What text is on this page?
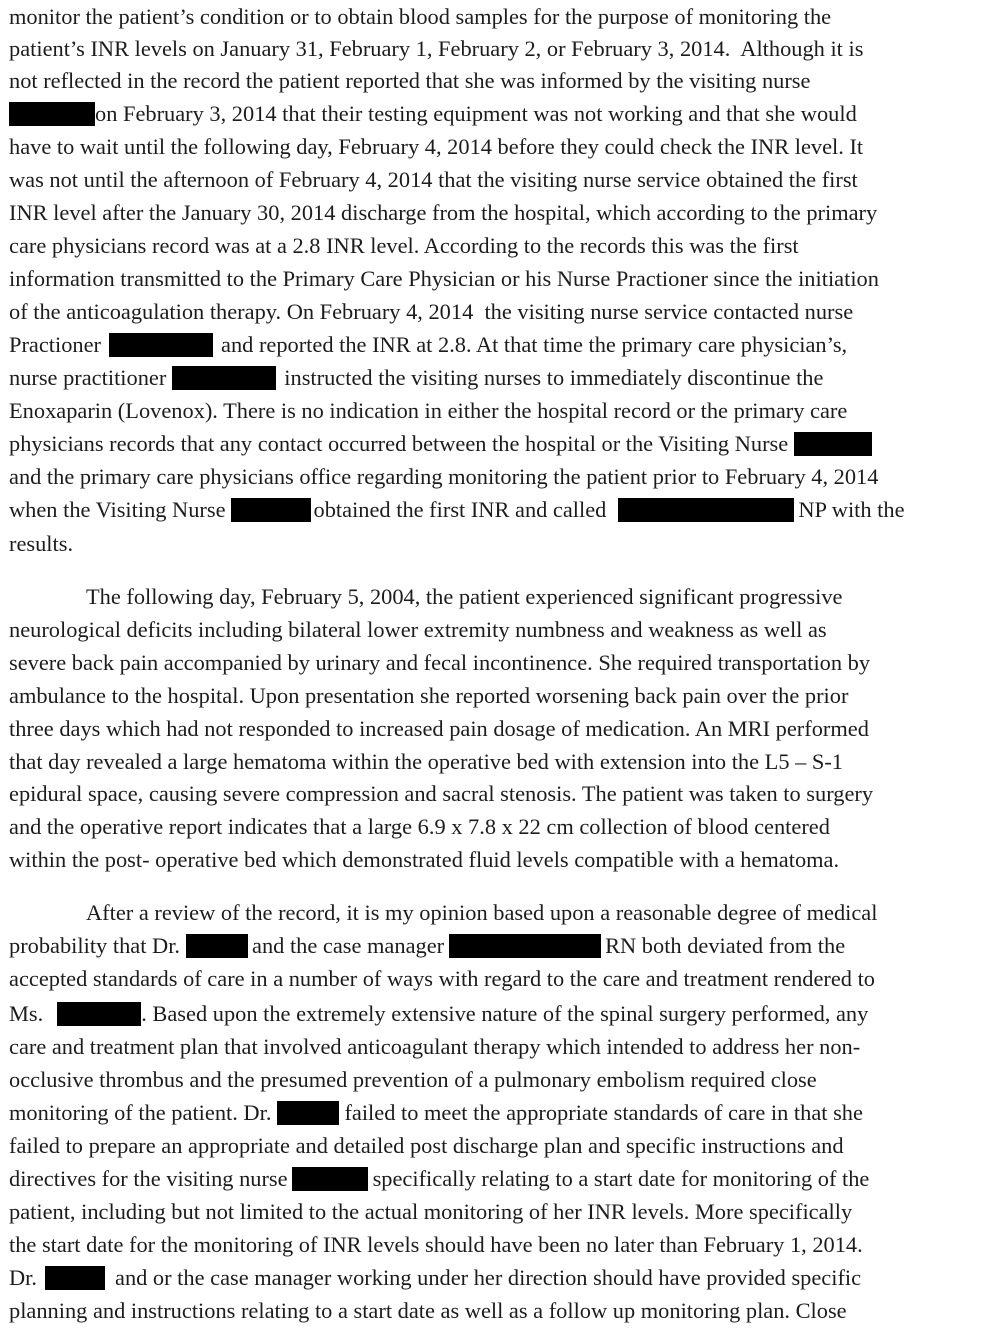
monitor the patient’s condition or to obtain blood samples for the purpose of monitoring the
patient’s INR levels on January 31, February 1, February 2, or February 3, 2014.  Although it is
not reflected in the record the patient reported that she was informed by the visiting nurse
on February 3, 2014 that their testing equipment was not working and that she would
have to wait until the following day, February 4, 2014 before they could check the INR level. It
was not until the afternoon of February 4, 2014 that the visiting nurse service obtained the first
INR level after the January 30, 2014 discharge from the hospital, which according to the primary
care physicians record was at a 2.8 INR level. According to the records this was the first
information transmitted to the Primary Care Physician or his Nurse Practioner since the initiation
of the anticoagulation therapy. On February 4, 2014  the visiting nurse service contacted nurse
Practioner	and reported the INR at 2.8. At that time the primary care physician’s,
nurse practitioner	instructed the visiting nurses to immediately discontinue the
Enoxaparin (Lovenox). There is no indication in either the hospital record or the primary care
physicians records that any contact occurred between the hospital or the Visiting Nurse
and the primary care physicians office regarding monitoring the patient prior to February 4, 2014
when the Visiting Nurse	obtained the first INR and called	NP with the
results.
The following day, February 5, 2004, the patient experienced significant progressive
neurological deficits including bilateral lower extremity numbness and weakness as well as
severe back pain accompanied by urinary and fecal incontinence. She required transportation by
ambulance to the hospital. Upon presentation she reported worsening back pain over the prior
three days which had not responded to increased pain dosage of medication. An MRI performed
that day revealed a large hematoma within the operative bed with extension into the L5 – S-1
epidural space, causing severe compression and sacral stenosis. The patient was taken to surgery
and the operative report indicates that a large 6.9 x 7.8 x 22 cm collection of blood centered
within the post- operative bed which demonstrated fluid levels compatible with a hematoma.
After a review of the record, it is my opinion based upon a reasonable degree of medical
probability that Dr.	and the case manager	RN both deviated from the
accepted standards of care in a number of ways with regard to the care and treatment rendered to
Ms.	. Based upon the extremely extensive nature of the spinal surgery performed, any
care and treatment plan that involved anticoagulant therapy which intended to address her non-
occlusive thrombus and the presumed prevention of a pulmonary embolism required close
monitoring of the patient. Dr.	failed to meet the appropriate standards of care in that she
failed to prepare an appropriate and detailed post discharge plan and specific instructions and
directives for the visiting nurse	specifically relating to a start date for monitoring of the
patient, including but not limited to the actual monitoring of her INR levels. More specifically
the start date for the monitoring of INR levels should have been no later than February 1, 2014.
Dr.	and or the case manager working under her direction should have provided specific
planning and instructions relating to a start date as well as a follow up monitoring plan. Close
